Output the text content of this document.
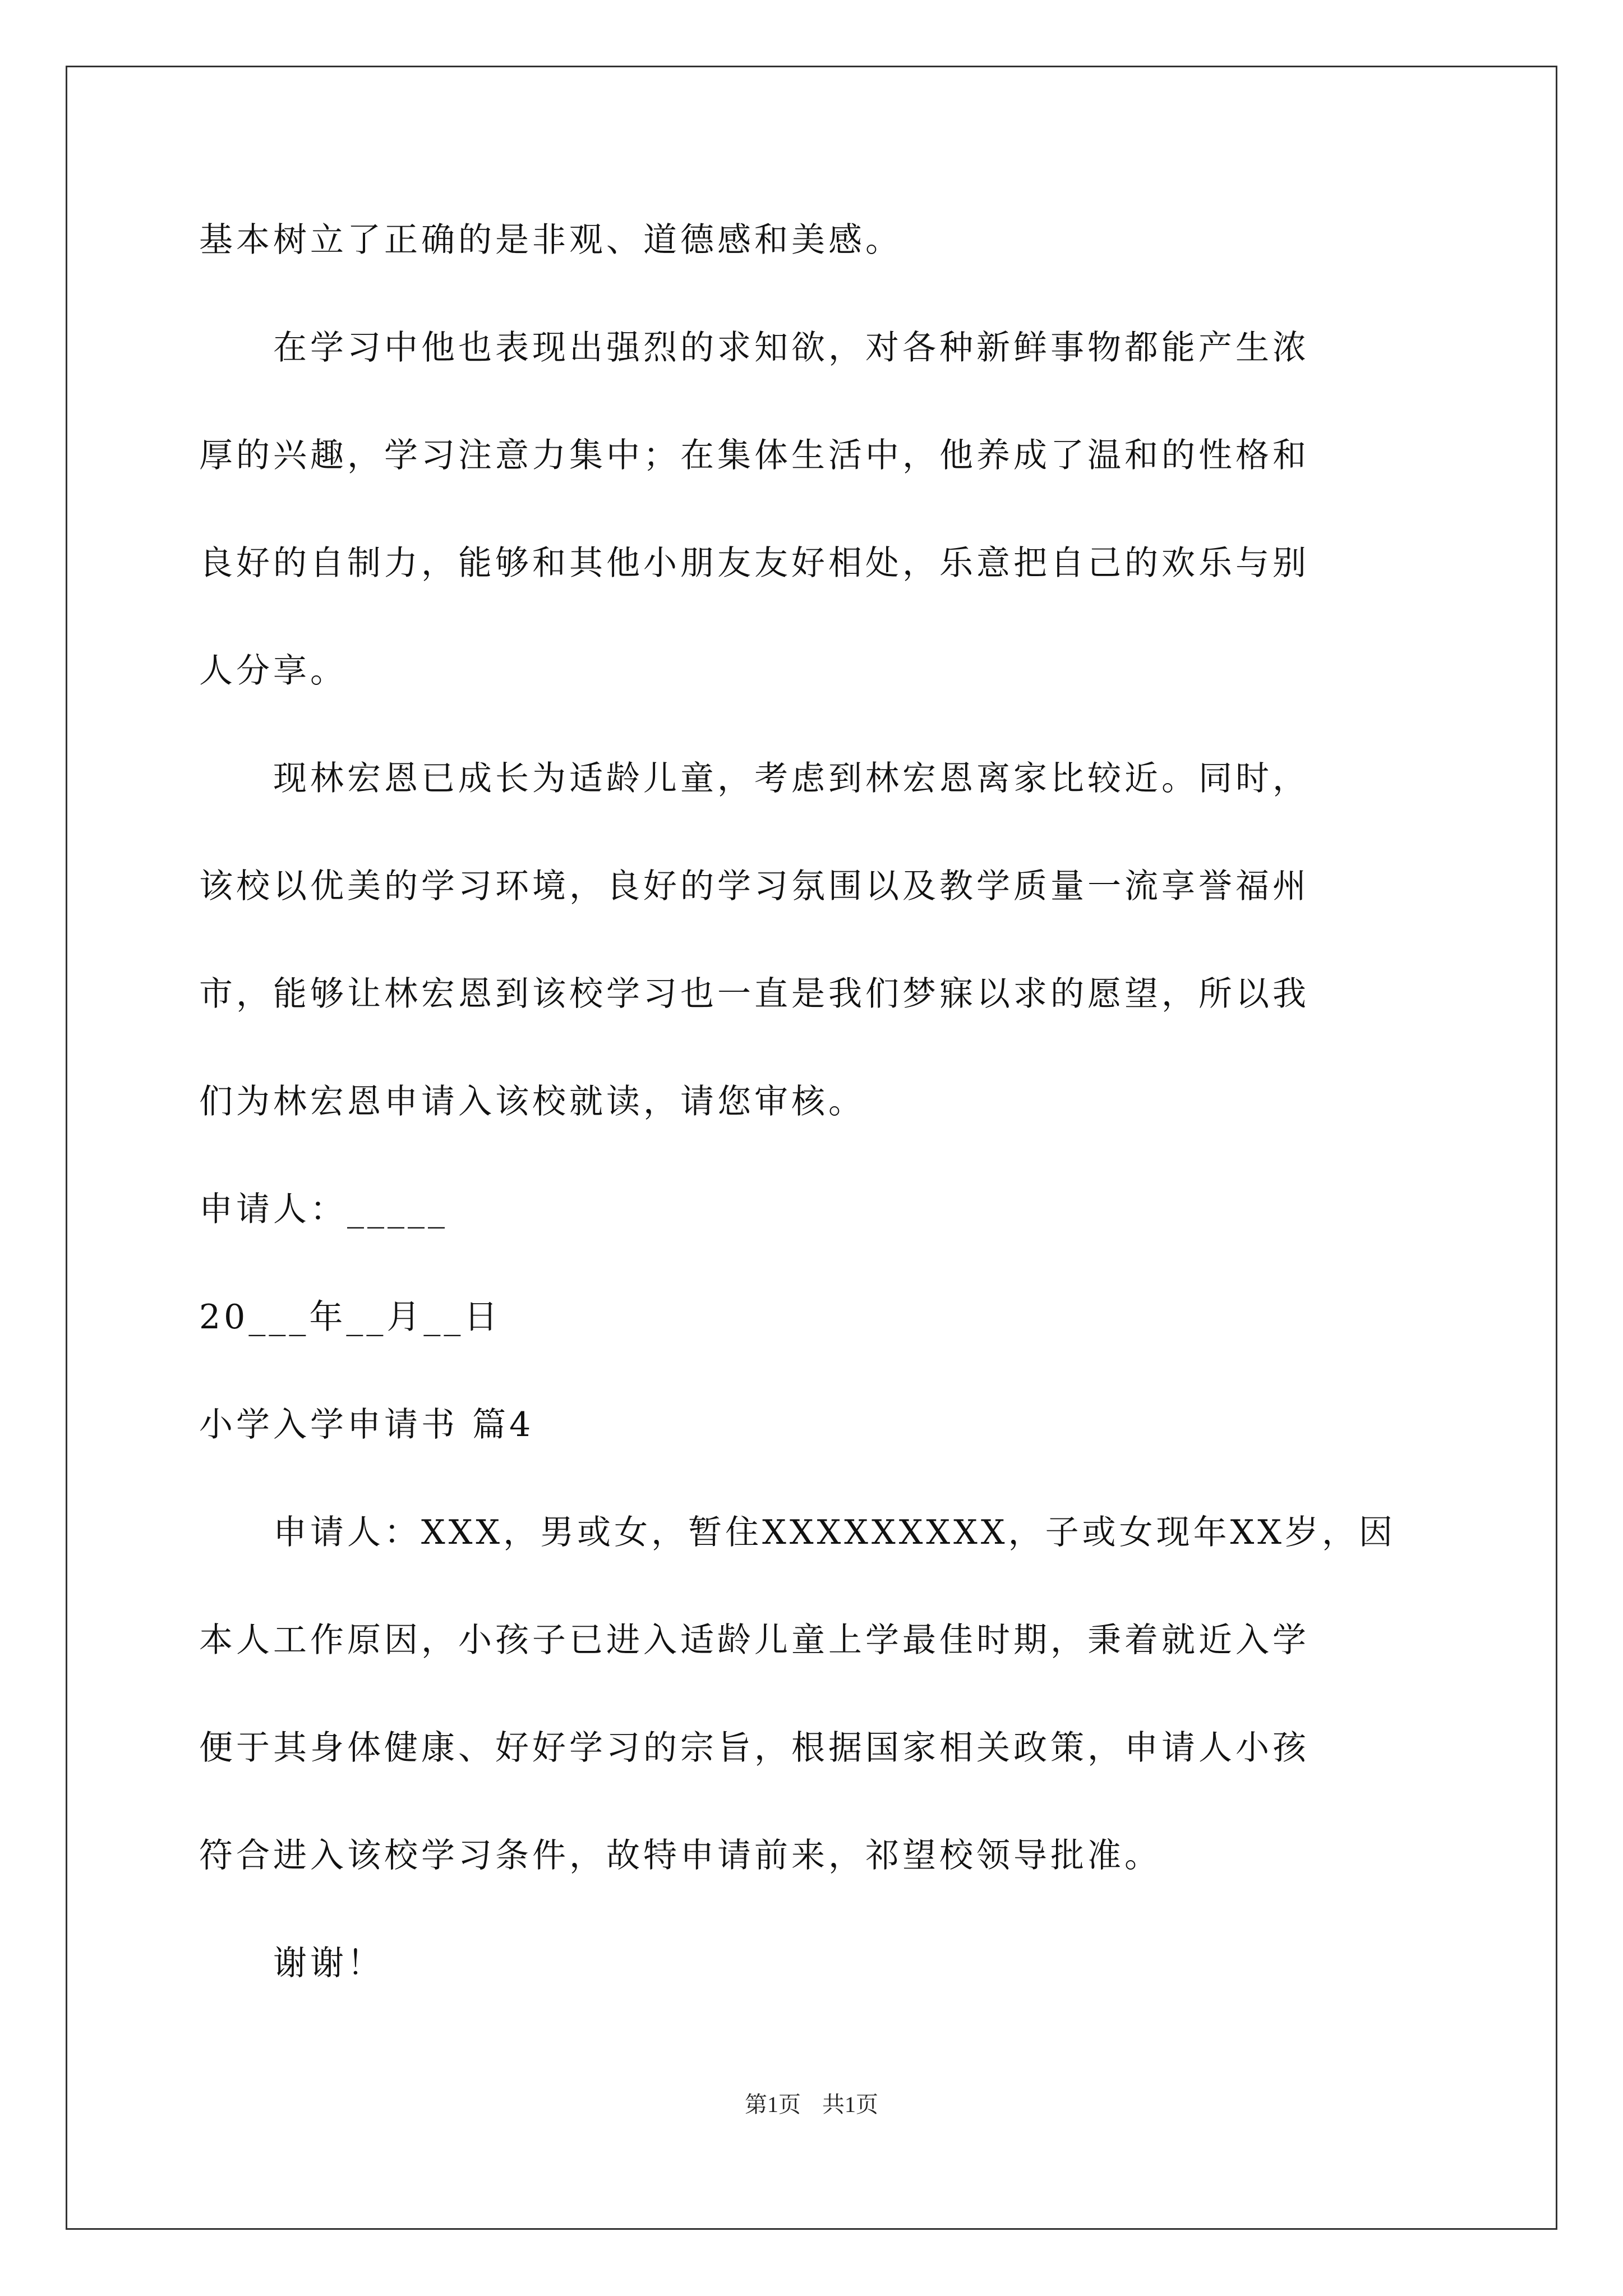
基本树立了正确的是非观、道德感和美感。
　　在学习中他也表现出强烈的求知欲，对各种新鲜事物都能产生浓
厚的兴趣，学习注意力集中；在集体生活中，他养成了温和的性格和
良好的自制力，能够和其他小朋友友好相处，乐意把自己的欢乐与别
人分享。
　　现林宏恩已成长为适龄儿童，考虑到林宏恩离家比较近。同时，
该校以优美的学习环境，良好的学习氛围以及教学质量一流享誉福州
市，能够让林宏恩到该校学习也一直是我们梦寐以求的愿望，所以我
们为林宏恩申请入该校就读，请您审核。
申请人：_____
20___年__月__日
小学入学申请书 篇4
　　申请人：XXX，男或女，暂住XXXXXXXXX，子或女现年XX岁，因
本人工作原因，小孩子已进入适龄儿童上学最佳时期，秉着就近入学
便于其身体健康、好好学习的宗旨，根据国家相关政策，申请人小孩
符合进入该校学习条件，故特申请前来，祁望校领导批准。
　　谢谢！
第1页 共1页
